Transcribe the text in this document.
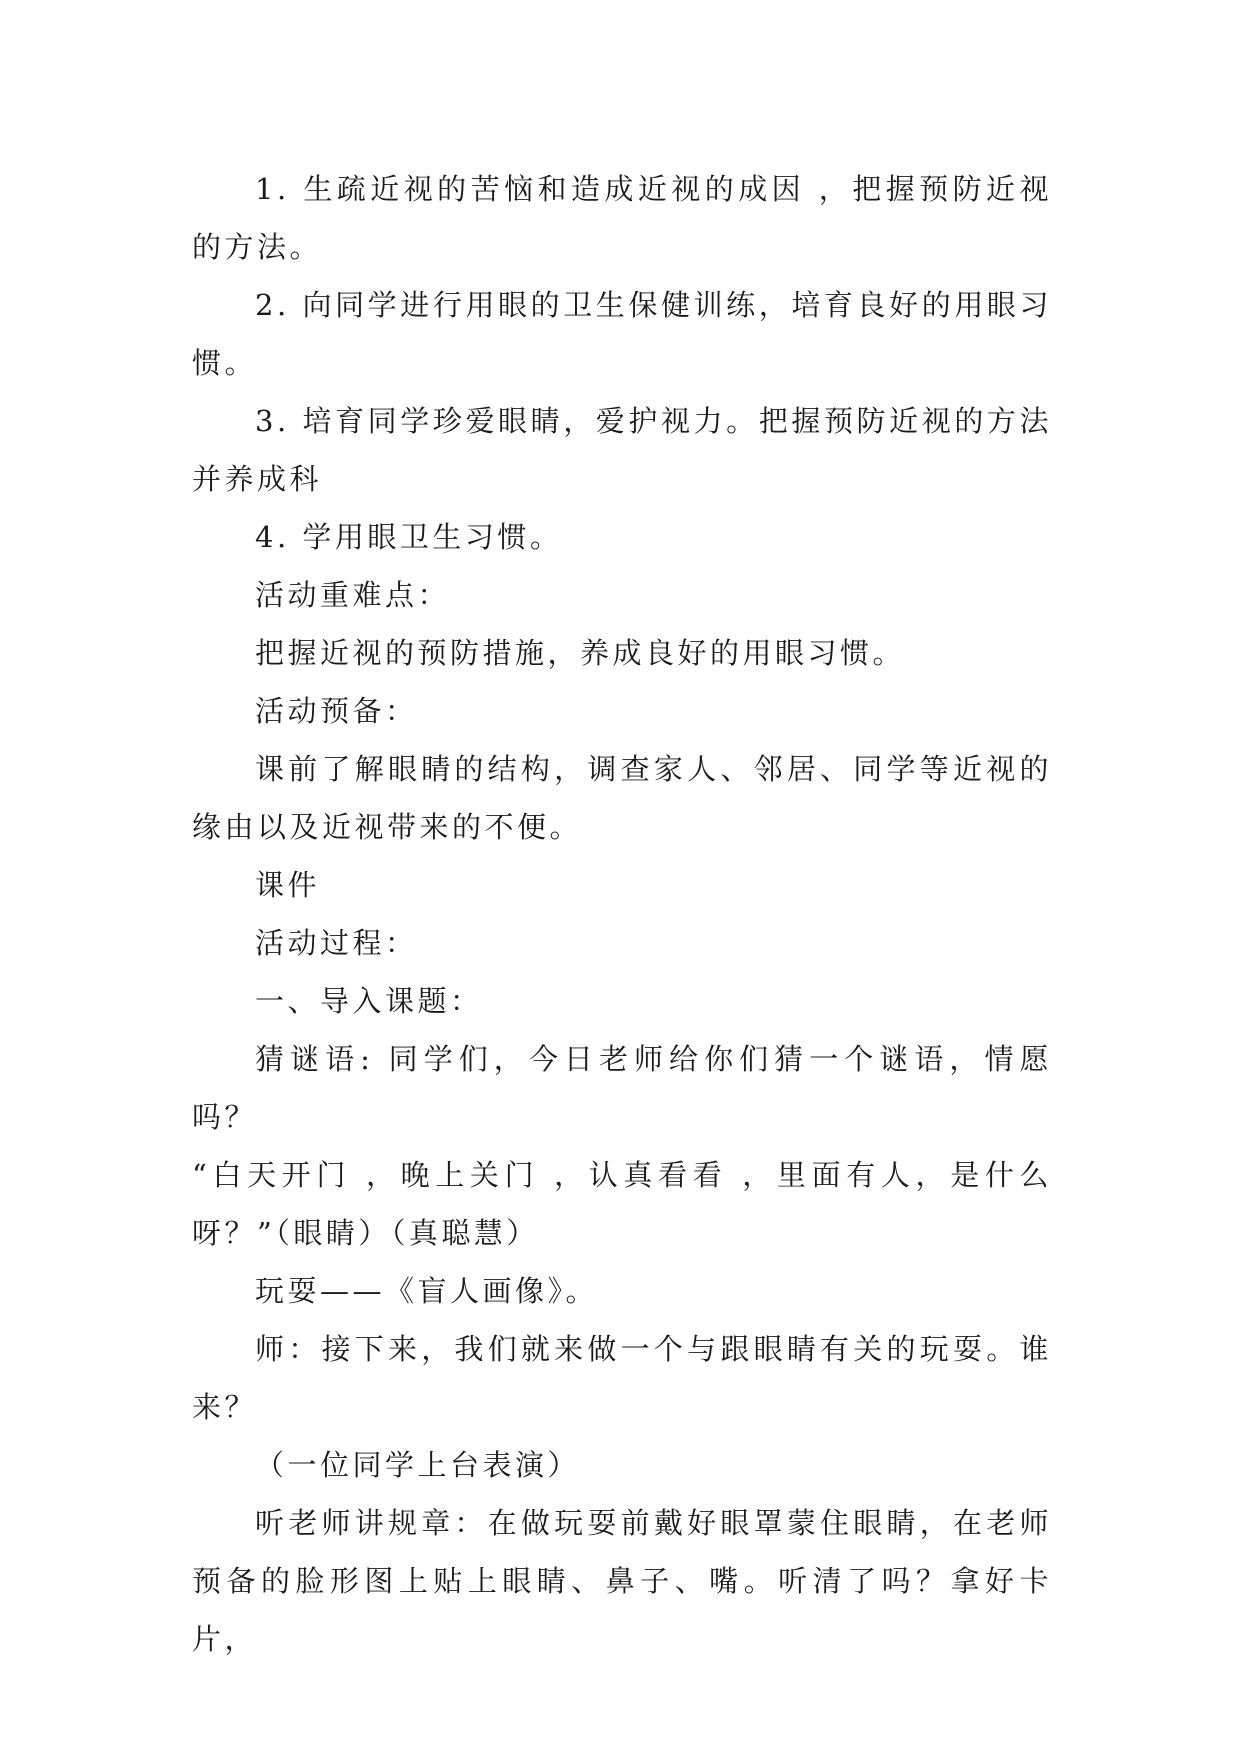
1. 生疏近视的苦恼和造成近视的成因 ，把握预防近视的方法。

2. 向同学进行用眼的卫生保健训练，培育良好的用眼习惯。

3. 培育同学珍爱眼睛，爱护视力。把握预防近视的方法并养成科

4. 学用眼卫生习惯。

活动重难点：

把握近视的预防措施，养成良好的用眼习惯。

活动预备：

课前了解眼睛的结构，调查家人、邻居、同学等近视的缘由以及近视带来的不便。

课件

活动过程：

一、导入课题：

猜谜语: 同学们，今日老师给你们猜一个谜语，情愿吗？

“白天开门 ，晚上关门 ，认真看看 ，里面有人，是什么呀？”（眼睛）（真聪慧）

玩耍——《盲人画像》。

师：接下来，我们就来做一个与跟眼睛有关的玩耍。谁来？

（一位同学上台表演）

听老师讲规章：在做玩耍前戴好眼罩蒙住眼睛，在老师预备的脸形图上贴上眼睛、鼻子、嘴。听清了吗？拿好卡片，
